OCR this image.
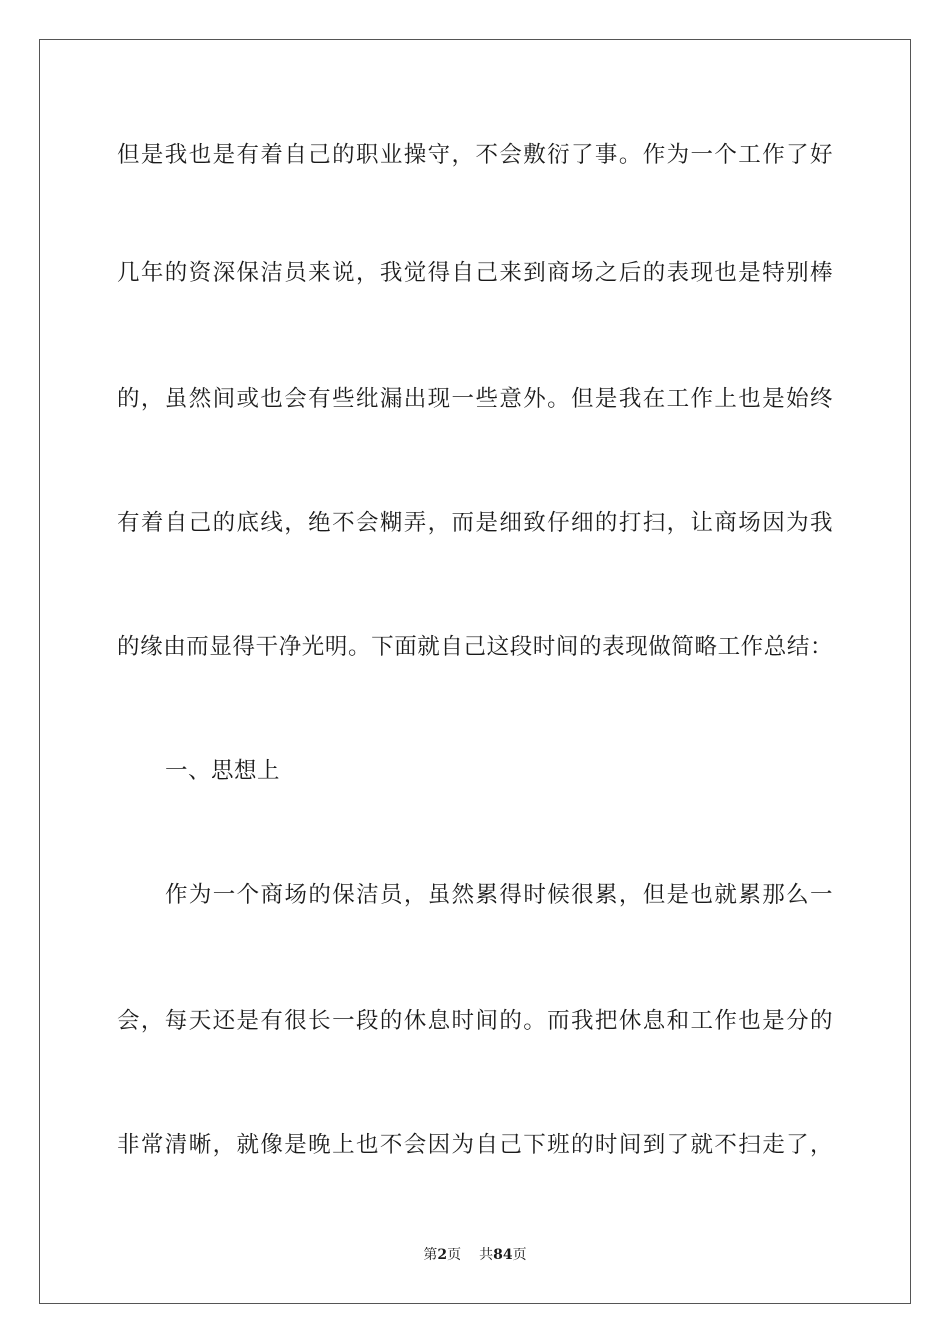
但是我也是有着自己的职业操守，不会敷衍了事。作为一个工作了好
几年的资深保洁员来说，我觉得自己来到商场之后的表现也是特别棒
的，虽然间或也会有些纰漏出现一些意外。但是我在工作上也是始终
有着自己的底线，绝不会糊弄，而是细致仔细的打扫，让商场因为我
的缘由而显得干净光明。下面就自己这段时间的表现做简略工作总结：
一、思想上
作为一个商场的保洁员，虽然累得时候很累，但是也就累那么一
会，每天还是有很长一段的休息时间的。而我把休息和工作也是分的
非常清晰，就像是晚上也不会因为自己下班的时间到了就不扫走了，
第2页 共84页
